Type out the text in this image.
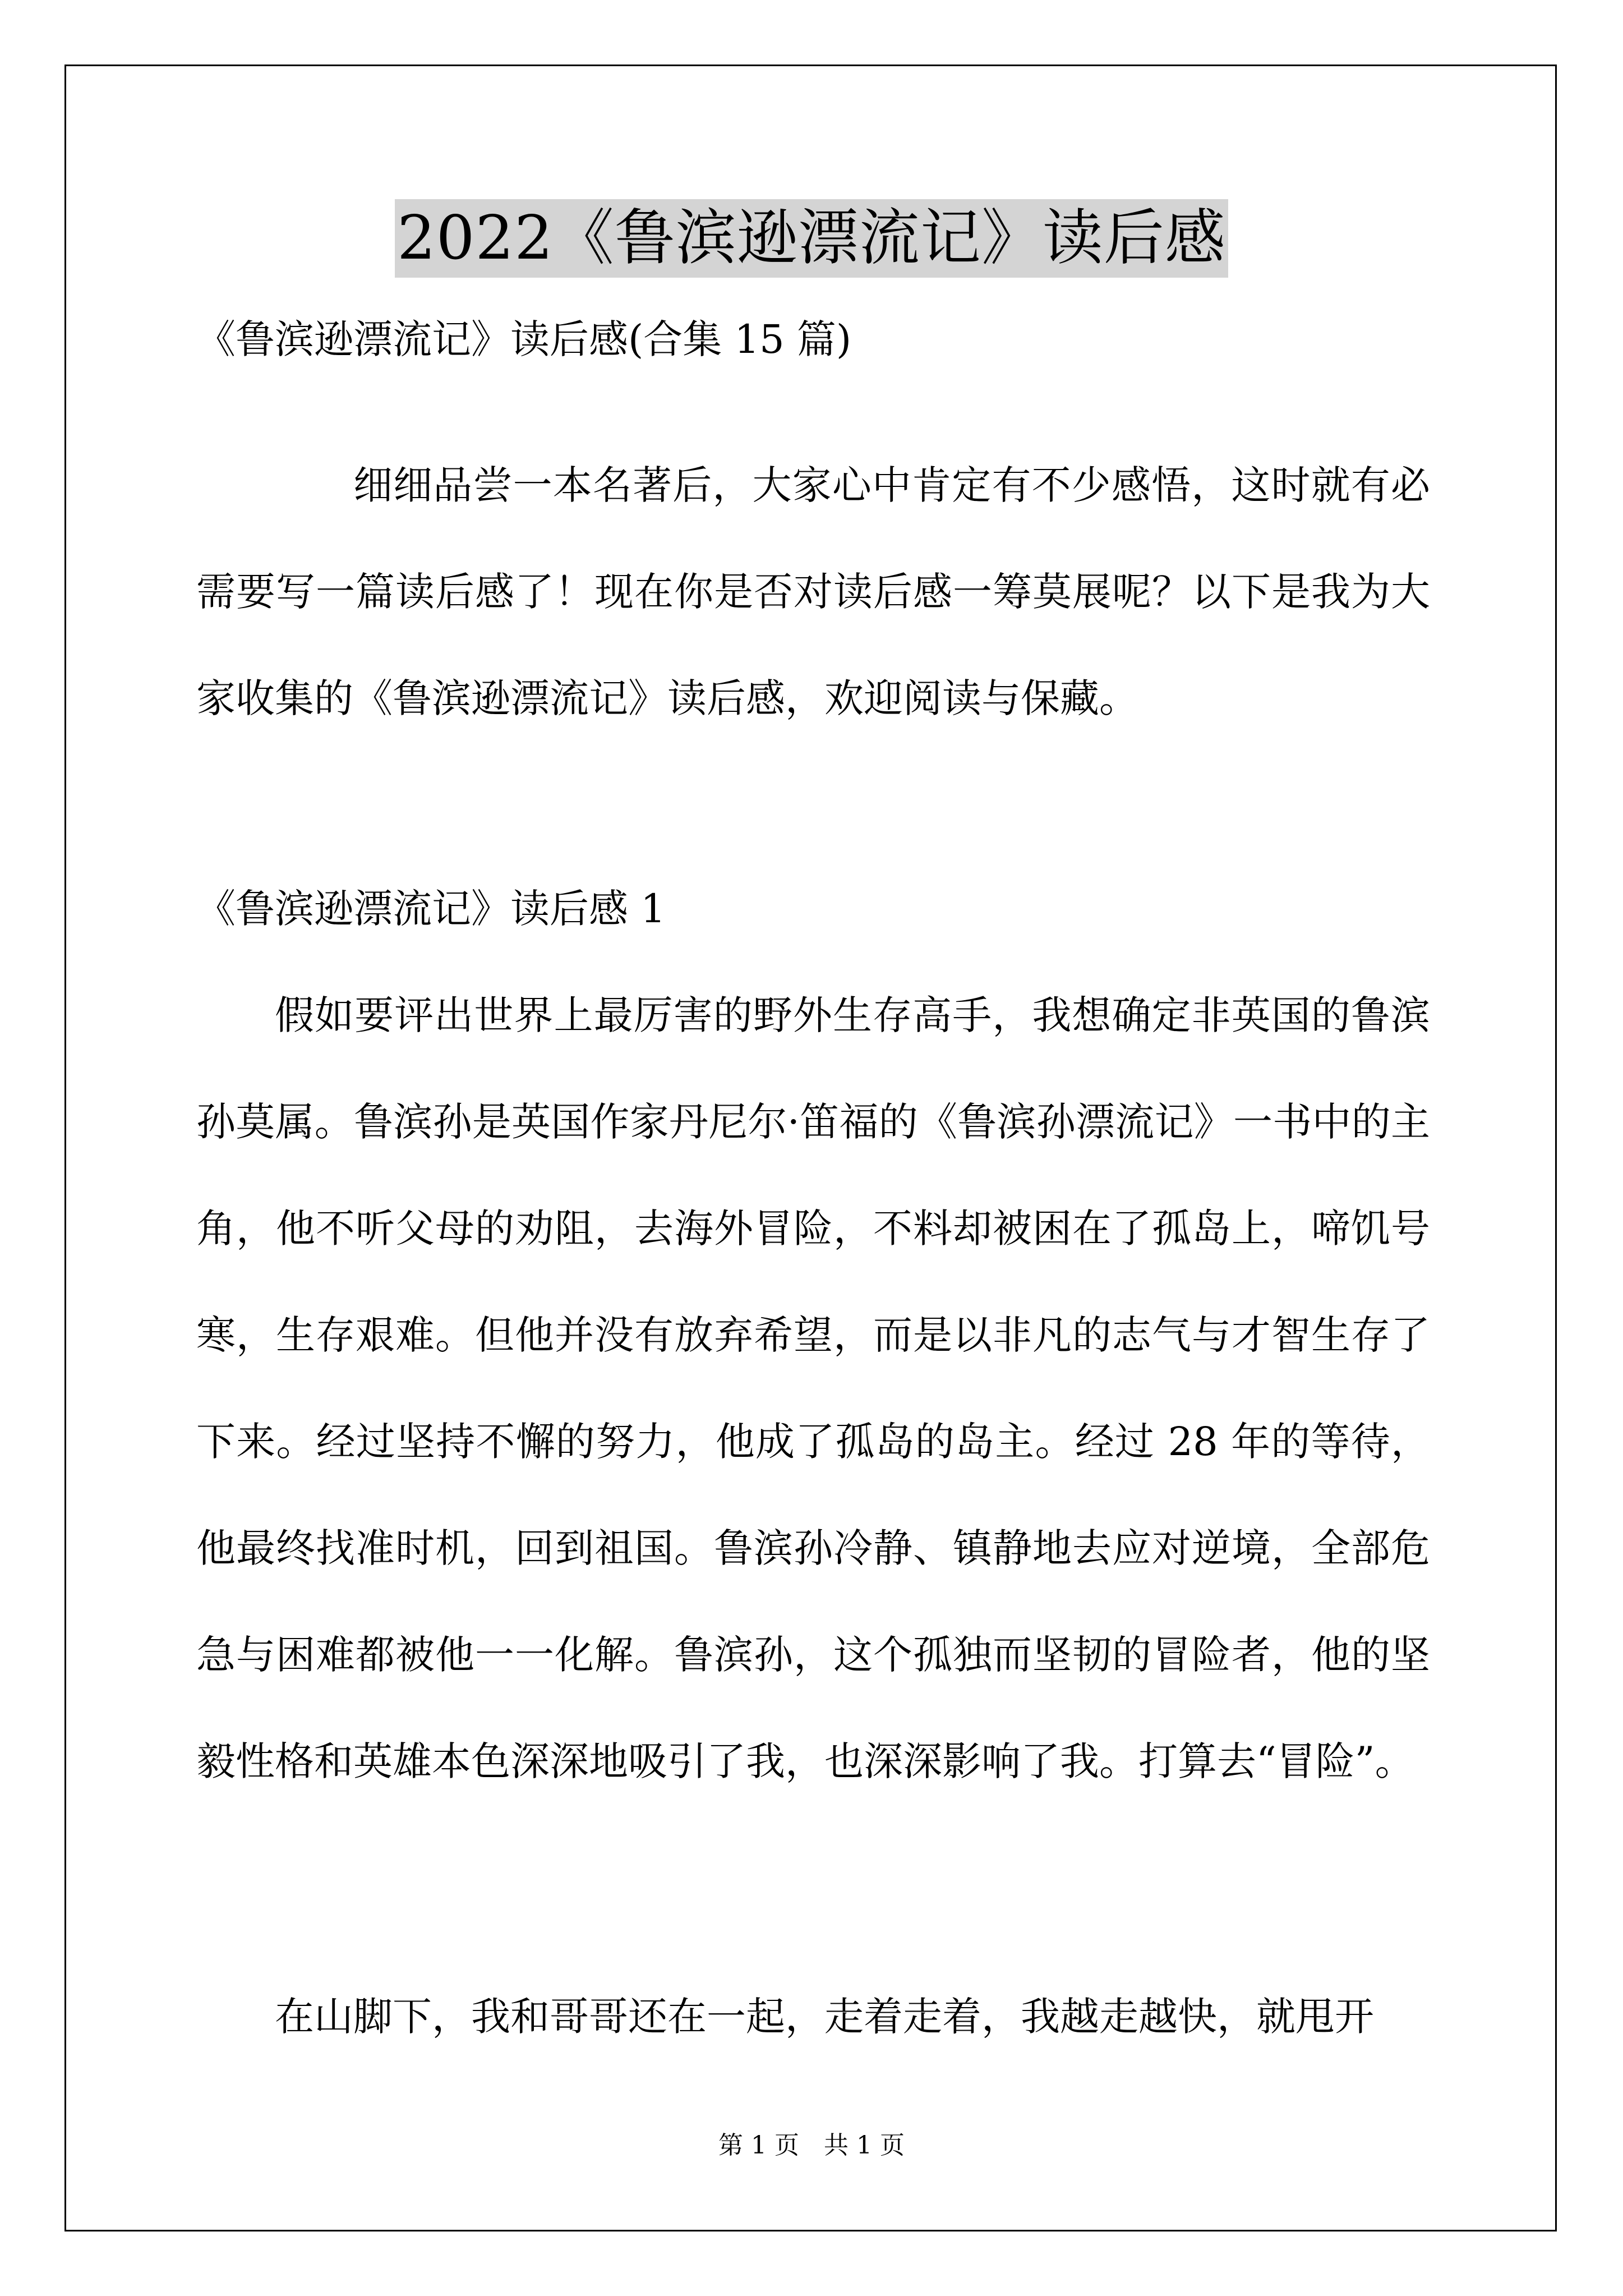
2022《鲁滨逊漂流记》读后感
《鲁滨逊漂流记》读后感(合集 15 篇)

细细品尝一本名著后，大家心中肯定有不少感悟，这时就有必需要写一篇读后感了！现在你是否对读后感一筹莫展呢？以下是我为大家收集的《鲁滨逊漂流记》读后感，欢迎阅读与保藏。

《鲁滨逊漂流记》读后感 1

假如要评出世界上最厉害的野外生存高手，我想确定非英国的鲁滨孙莫属。鲁滨孙是英国作家丹尼尔·笛福的《鲁滨孙漂流记》一书中的主角，他不听父母的劝阻，去海外冒险，不料却被困在了孤岛上，啼饥号寒，生存艰难。但他并没有放弃希望，而是以非凡的志气与才智生存了下来。经过坚持不懈的努力，他成了孤岛的岛主。经过 28 年的等待，他最终找准时机，回到祖国。鲁滨孙冷静、镇静地去应对逆境，全部危急与困难都被他一一化解。鲁滨孙，这个孤独而坚韧的冒险者，他的坚毅性格和英雄本色深深地吸引了我，也深深影响了我。打算去“冒险”。

在山脚下，我和哥哥还在一起，走着走着，我越走越快，就甩开

第 1 页　共 1 页
